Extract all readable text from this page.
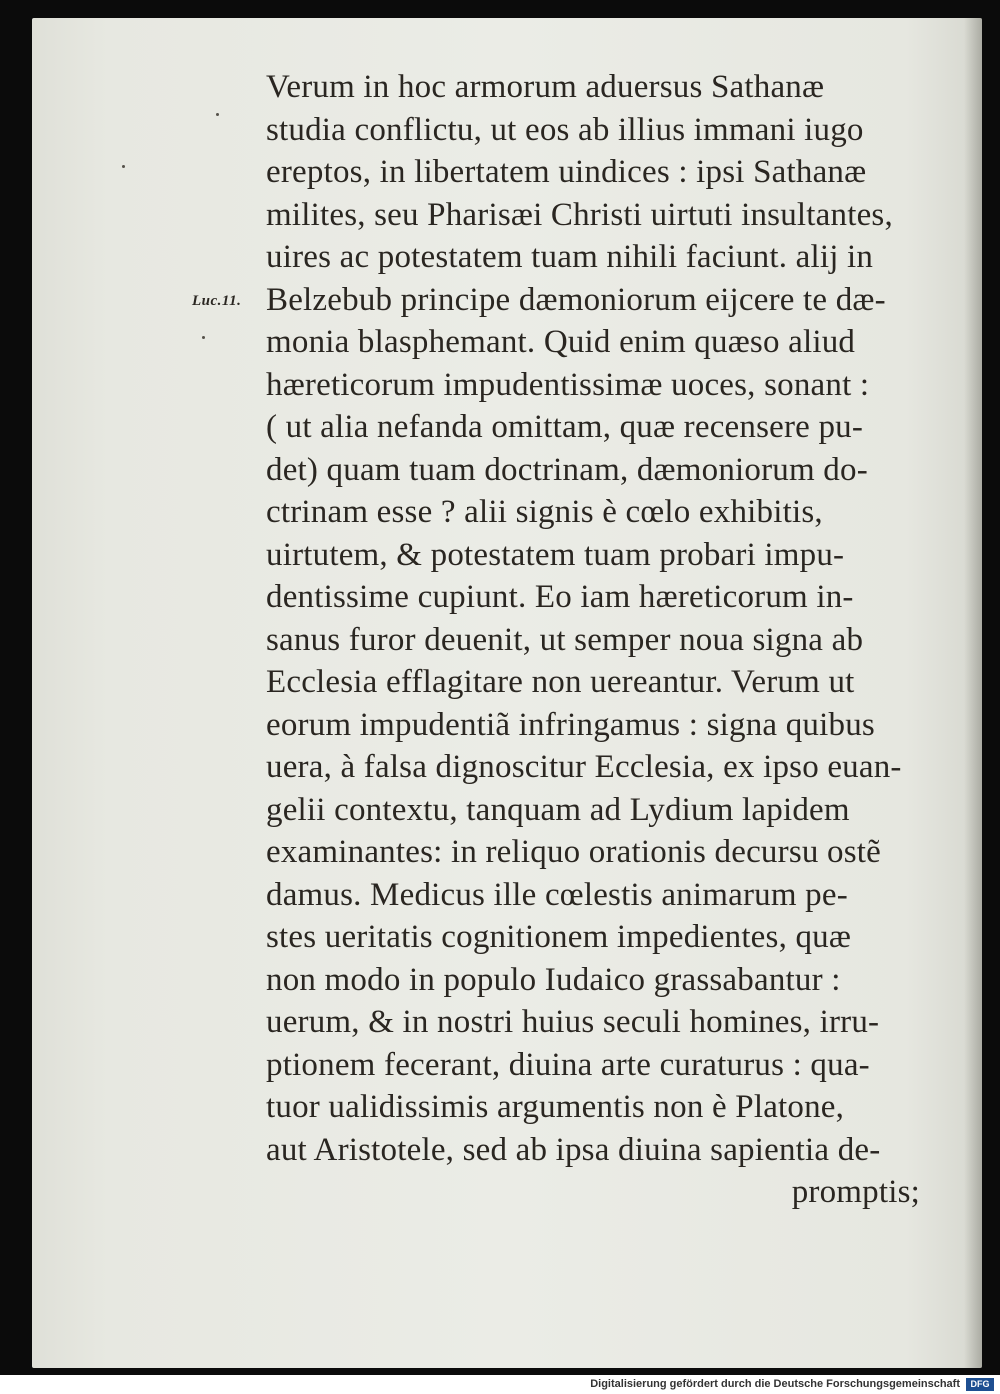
Luc.11.
Verum in hoc armorum aduersus Sathanæ
studia conflictu, ut eos ab illius immani iugo
ereptos, in libertatem uindices : ipsi Sathanæ
milites, seu Pharisæi Christi uirtuti insultantes,
uires ac potestatem tuam nihili faciunt. alij in
Belzebub principe dæmoniorum eijcere te dæ-
monia blasphemant. Quid enim quæso aliud
hæreticorum impudentissimæ uoces, sonant :
( ut alia nefanda omittam, quæ recensere pu-
det) quam tuam doctrinam, dæmoniorum do-
ctrinam esse ? alii signis è cœlo exhibitis,
uirtutem, & potestatem tuam probari impu-
dentissime cupiunt. Eo iam hæreticorum in-
sanus furor deuenit, ut semper noua signa ab
Ecclesia efflagitare non uereantur. Verum ut
eorum impudentiã infringamus : signa quibus
uera, à falsa dignoscitur Ecclesia, ex ipso euan-
gelii contextu, tanquam ad Lydium lapidem
examinantes: in reliquo orationis decursu ostẽ
damus. Medicus ille cœlestis animarum pe-
stes ueritatis cognitionem impedientes, quæ
non modo in populo Iudaico grassabantur :
uerum, & in nostri huius seculi homines, irru-
ptionem fecerant, diuina arte curaturus : qua-
tuor ualidissimis argumentis non è Platone,
aut Aristotele, sed ab ipsa diuina sapientia de-
promptis;
Digitalisierung gefördert durch die Deutsche Forschungsgemeinschaft	DFG
